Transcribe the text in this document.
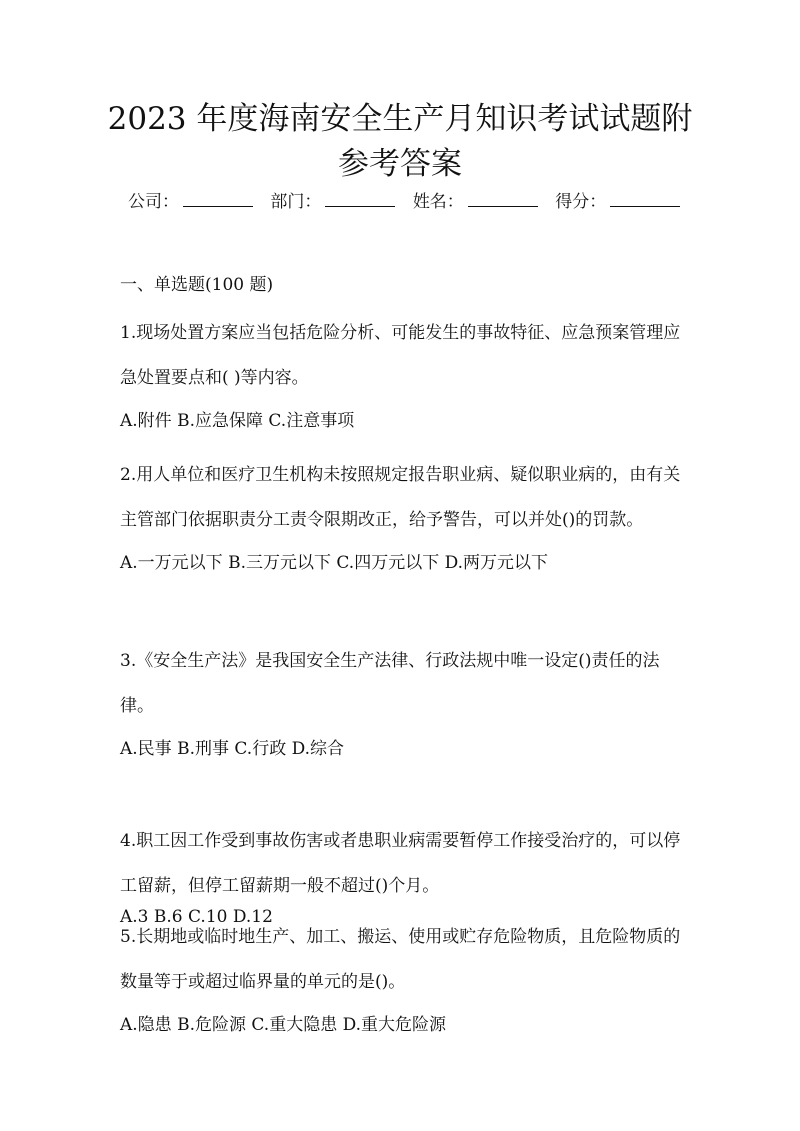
2023 年度海南安全生产月知识考试试题附
参考答案
公司：	部门：	姓名：	得分：
一、单选题(100 题)

1.现场处置方案应当包括危险分析、可能发生的事故特征、应急预案管理应急处置要点和( )等内容。

A.附件 B.应急保障 C.注意事项

2.用人单位和医疗卫生机构未按照规定报告职业病、疑似职业病的，由有关主管部门依据职责分工责令限期改正，给予警告，可以并处()的罚款。

A.一万元以下 B.三万元以下 C.四万元以下 D.两万元以下

3.《安全生产法》是我国安全生产法律、行政法规中唯一设定()责任的法律。

A.民事 B.刑事 C.行政 D.综合

4.职工因工作受到事故伤害或者患职业病需要暂停工作接受治疗的，可以停工留薪，但停工留薪期一般不超过()个月。

A.3 B.6 C.10 D.12

5.长期地或临时地生产、加工、搬运、使用或贮存危险物质，且危险物质的数量等于或超过临界量的单元的是()。

A.隐患 B.危险源 C.重大隐患 D.重大危险源
